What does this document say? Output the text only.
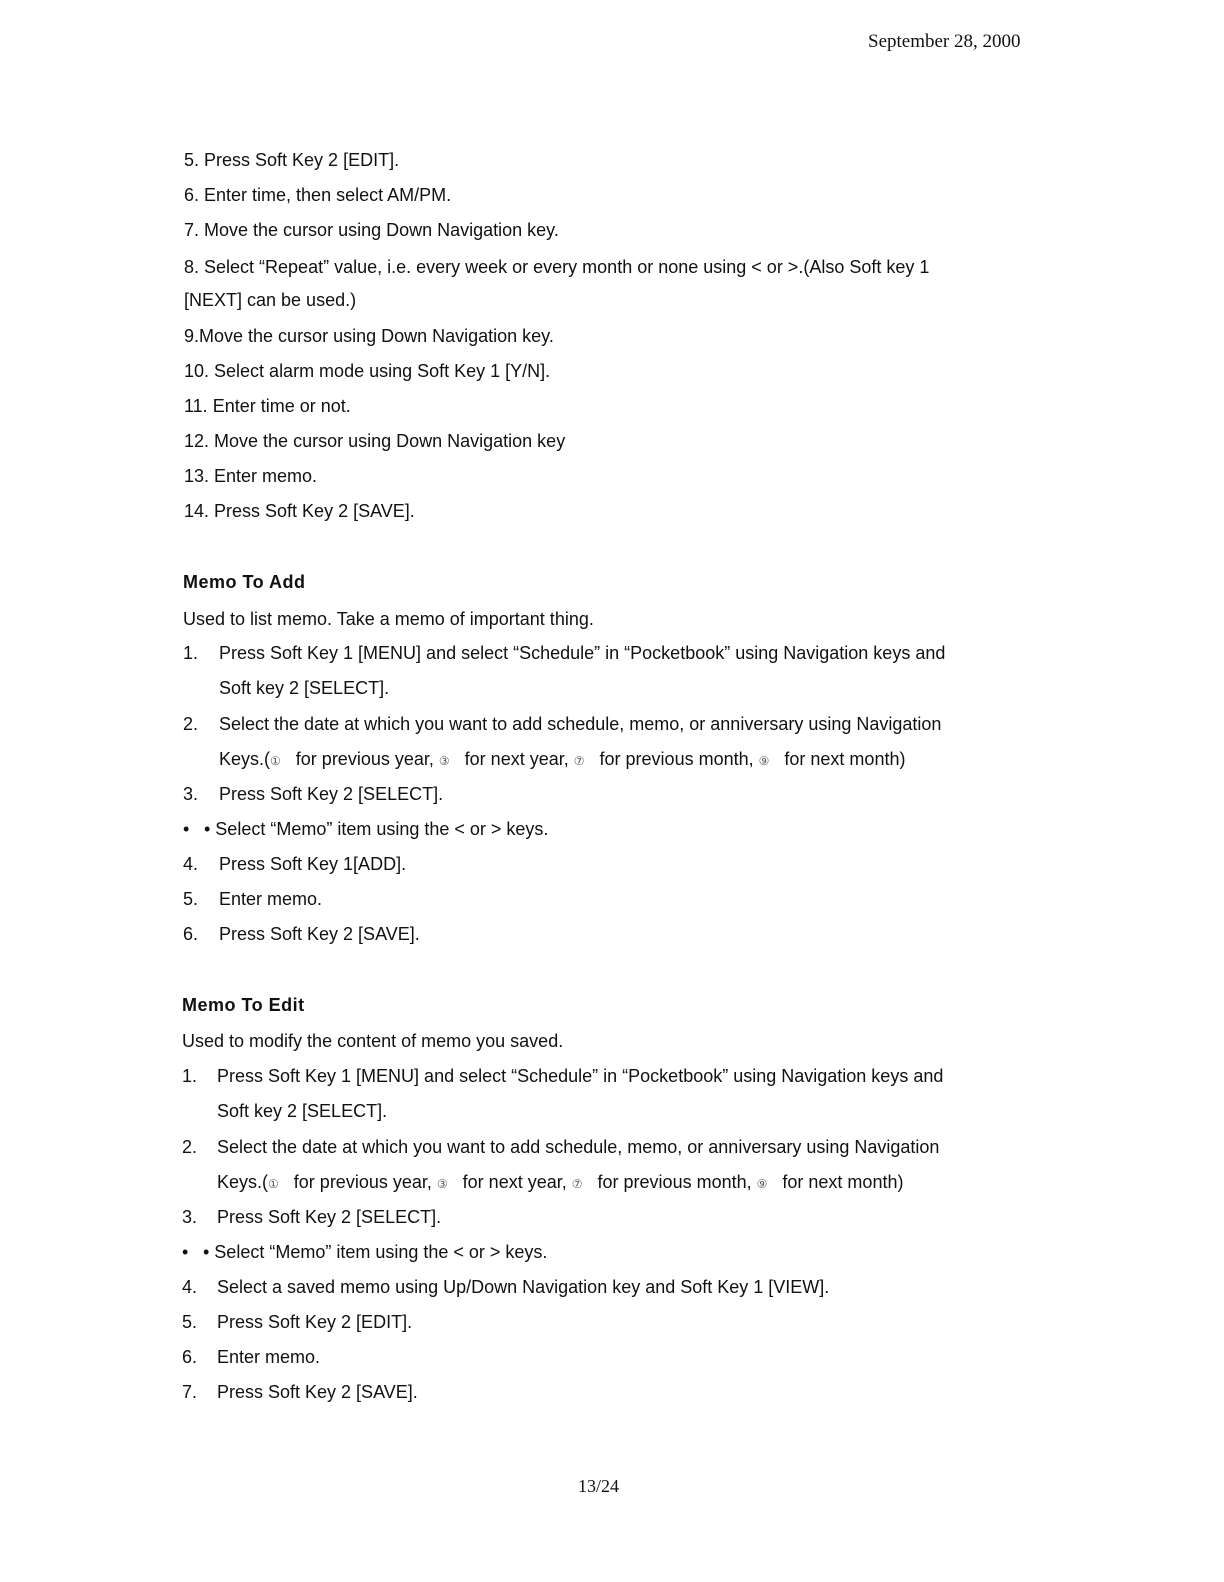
September 28, 2000
Memo To Add
Used to list memo. Take a memo of important thing.
Memo To Edit
Used to modify the content of memo you saved.
13/24
5. Press Soft Key 2 [EDIT].
6. Enter time, then select AM/PM.
7. Move the cursor using Down Navigation key.
8. Select “Repeat” value, i.e. every week or every month or none using < or >.(Also Soft key 1
[NEXT] can be used.)
9.Move the cursor using Down Navigation key.
10. Select alarm mode using Soft Key 1 [Y/N].
11. Enter time or not.
12. Move the cursor using Down Navigation key
13. Enter memo.
14. Press Soft Key 2 [SAVE].
1. Press Soft Key 1 [MENU] and select “Schedule” in “Pocketbook” using Navigation keys and
Soft key 2 [SELECT].
2. Select the date at which you want to add schedule, memo, or anniversary using Navigation
Keys.(① for previous year, ③ for next year, ⑦ for previous month, ⑨ for next month)
3. Press Soft Key 2 [SELECT].
• • Select “Memo” item using the < or > keys.
4. Press Soft Key 1[ADD].
5. Enter memo.
6. Press Soft Key 2 [SAVE].
1. Press Soft Key 1 [MENU] and select “Schedule” in “Pocketbook” using Navigation keys and
Soft key 2 [SELECT].
2. Select the date at which you want to add schedule, memo, or anniversary using Navigation
Keys.(① for previous year, ③ for next year, ⑦ for previous month, ⑨ for next month)
3. Press Soft Key 2 [SELECT].
• • Select “Memo” item using the < or > keys.
4. Select a saved memo using Up/Down Navigation key and Soft Key 1 [VIEW].
5. Press Soft Key 2 [EDIT].
6. Enter memo.
7. Press Soft Key 2 [SAVE].
